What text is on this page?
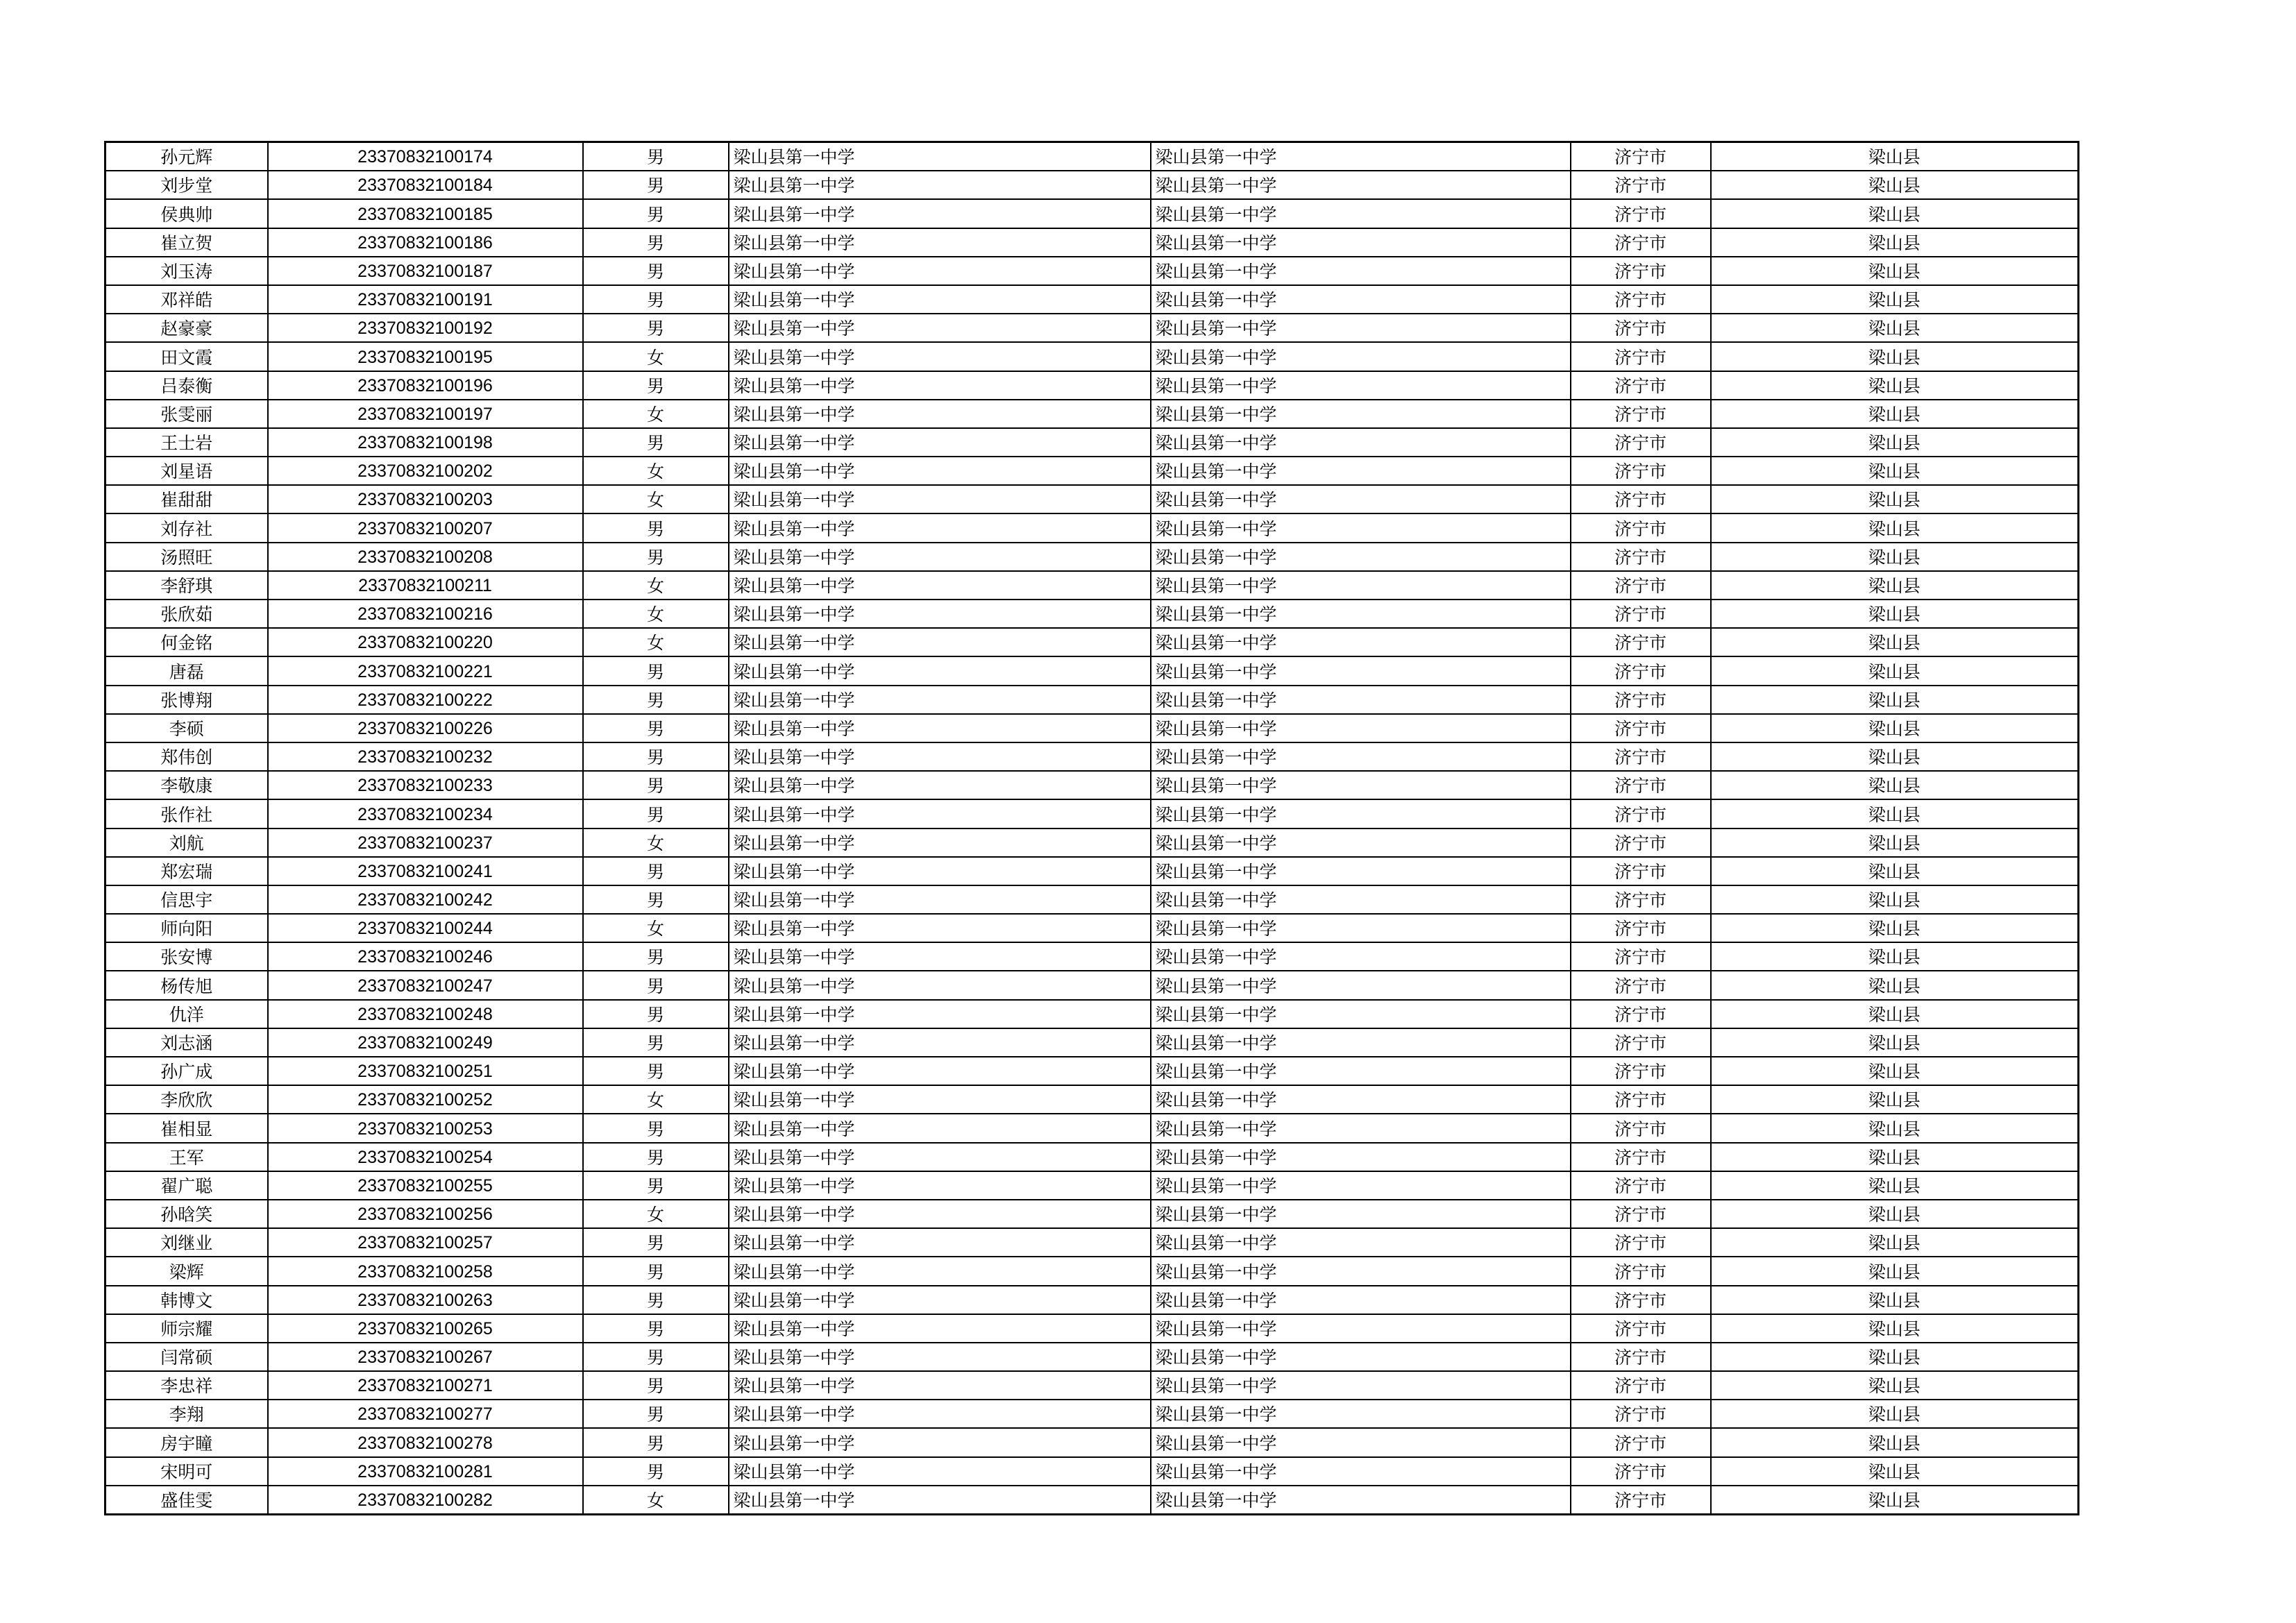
孙元辉	23370832100174	男	梁山县第一中学	梁山县第一中学	济宁市	梁山县
刘步堂	23370832100184	男	梁山县第一中学	梁山县第一中学	济宁市	梁山县
侯典帅	23370832100185	男	梁山县第一中学	梁山县第一中学	济宁市	梁山县
崔立贺	23370832100186	男	梁山县第一中学	梁山县第一中学	济宁市	梁山县
刘玉涛	23370832100187	男	梁山县第一中学	梁山县第一中学	济宁市	梁山县
邓祥皓	23370832100191	男	梁山县第一中学	梁山县第一中学	济宁市	梁山县
赵豪豪	23370832100192	男	梁山县第一中学	梁山县第一中学	济宁市	梁山县
田文霞	23370832100195	女	梁山县第一中学	梁山县第一中学	济宁市	梁山县
吕泰衡	23370832100196	男	梁山县第一中学	梁山县第一中学	济宁市	梁山县
张雯丽	23370832100197	女	梁山县第一中学	梁山县第一中学	济宁市	梁山县
王士岩	23370832100198	男	梁山县第一中学	梁山县第一中学	济宁市	梁山县
刘星语	23370832100202	女	梁山县第一中学	梁山县第一中学	济宁市	梁山县
崔甜甜	23370832100203	女	梁山县第一中学	梁山县第一中学	济宁市	梁山县
刘存社	23370832100207	男	梁山县第一中学	梁山县第一中学	济宁市	梁山县
汤照旺	23370832100208	男	梁山县第一中学	梁山县第一中学	济宁市	梁山县
李舒琪	23370832100211	女	梁山县第一中学	梁山县第一中学	济宁市	梁山县
张欣茹	23370832100216	女	梁山县第一中学	梁山县第一中学	济宁市	梁山县
何金铭	23370832100220	女	梁山县第一中学	梁山县第一中学	济宁市	梁山县
唐磊	23370832100221	男	梁山县第一中学	梁山县第一中学	济宁市	梁山县
张博翔	23370832100222	男	梁山县第一中学	梁山县第一中学	济宁市	梁山县
李硕	23370832100226	男	梁山县第一中学	梁山县第一中学	济宁市	梁山县
郑伟创	23370832100232	男	梁山县第一中学	梁山县第一中学	济宁市	梁山县
李敬康	23370832100233	男	梁山县第一中学	梁山县第一中学	济宁市	梁山县
张作社	23370832100234	男	梁山县第一中学	梁山县第一中学	济宁市	梁山县
刘航	23370832100237	女	梁山县第一中学	梁山县第一中学	济宁市	梁山县
郑宏瑞	23370832100241	男	梁山县第一中学	梁山县第一中学	济宁市	梁山县
信思宇	23370832100242	男	梁山县第一中学	梁山县第一中学	济宁市	梁山县
师向阳	23370832100244	女	梁山县第一中学	梁山县第一中学	济宁市	梁山县
张安博	23370832100246	男	梁山县第一中学	梁山县第一中学	济宁市	梁山县
杨传旭	23370832100247	男	梁山县第一中学	梁山县第一中学	济宁市	梁山县
仇洋	23370832100248	男	梁山县第一中学	梁山县第一中学	济宁市	梁山县
刘志涵	23370832100249	男	梁山县第一中学	梁山县第一中学	济宁市	梁山县
孙广成	23370832100251	男	梁山县第一中学	梁山县第一中学	济宁市	梁山县
李欣欣	23370832100252	女	梁山县第一中学	梁山县第一中学	济宁市	梁山县
崔相显	23370832100253	男	梁山县第一中学	梁山县第一中学	济宁市	梁山县
王军	23370832100254	男	梁山县第一中学	梁山县第一中学	济宁市	梁山县
翟广聪	23370832100255	男	梁山县第一中学	梁山县第一中学	济宁市	梁山县
孙晗笑	23370832100256	女	梁山县第一中学	梁山县第一中学	济宁市	梁山县
刘继业	23370832100257	男	梁山县第一中学	梁山县第一中学	济宁市	梁山县
梁辉	23370832100258	男	梁山县第一中学	梁山县第一中学	济宁市	梁山县
韩博文	23370832100263	男	梁山县第一中学	梁山县第一中学	济宁市	梁山县
师宗耀	23370832100265	男	梁山县第一中学	梁山县第一中学	济宁市	梁山县
闫常硕	23370832100267	男	梁山县第一中学	梁山县第一中学	济宁市	梁山县
李忠祥	23370832100271	男	梁山县第一中学	梁山县第一中学	济宁市	梁山县
李翔	23370832100277	男	梁山县第一中学	梁山县第一中学	济宁市	梁山县
房宇瞳	23370832100278	男	梁山县第一中学	梁山县第一中学	济宁市	梁山县
宋明可	23370832100281	男	梁山县第一中学	梁山县第一中学	济宁市	梁山县
盛佳雯	23370832100282	女	梁山县第一中学	梁山县第一中学	济宁市	梁山县
